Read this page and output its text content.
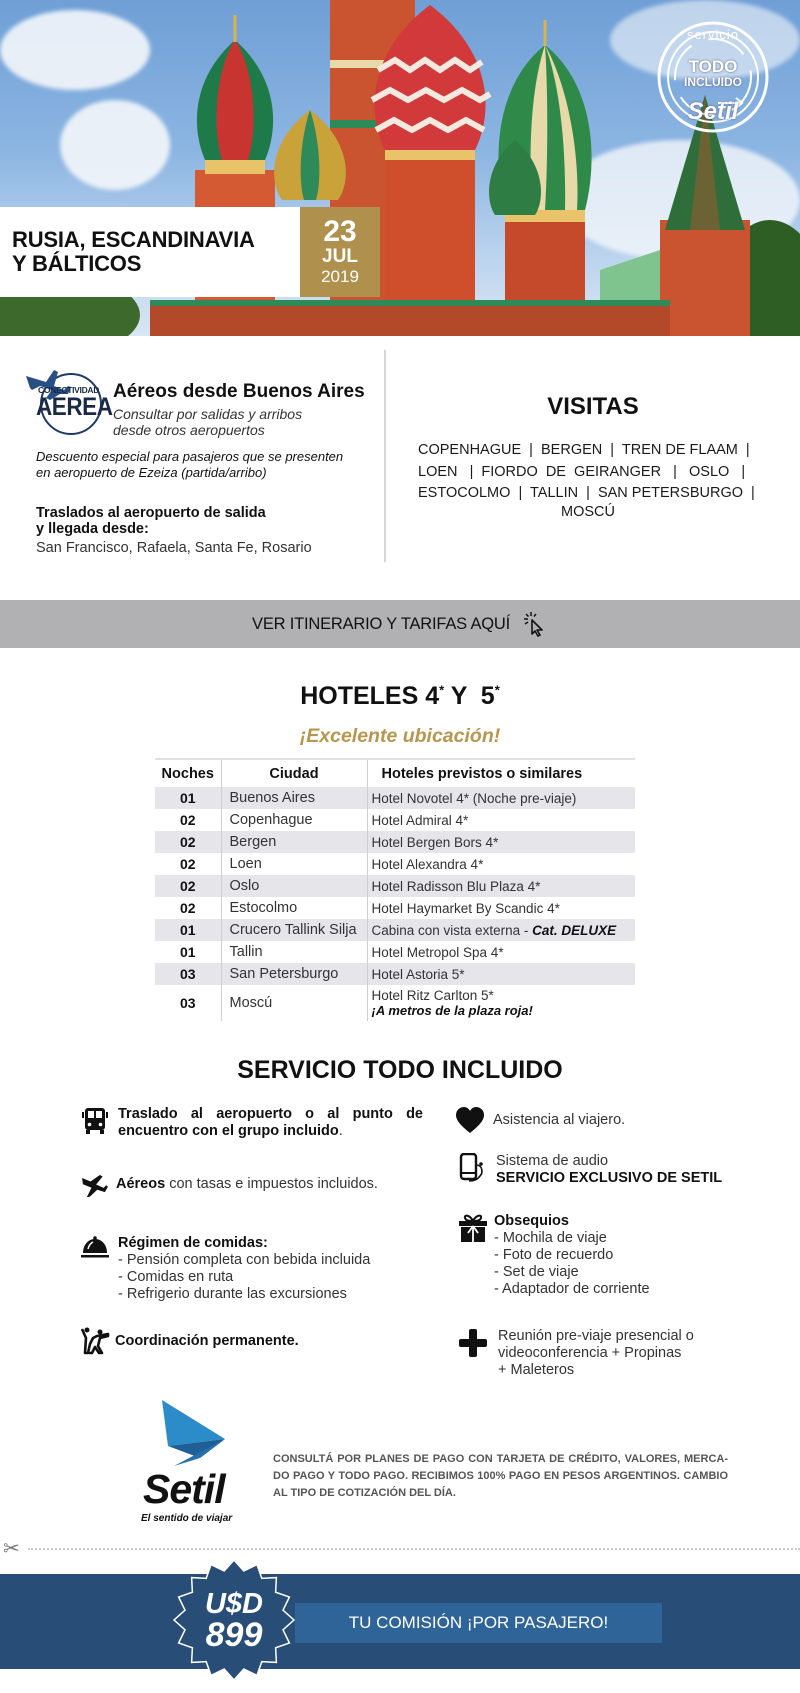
RUSIA, ESCANDINAVIA
Y BÁLTICOS
23
JUL
2019
servicio
TODO
INCLUIDO
Setil
CONECTIVIDAD
AEREA
Aéreos desde Buenos Aires
Consultar por salidas y arribos
desde otros aeropuertos
Descuento especial para pasajeros que se presenten
en aeropuerto de Ezeiza (partida/arribo)
Traslados al aeropuerto de salida
y llegada desde:
San Francisco, Rafaela, Santa Fe, Rosario
VISITAS
COPENHAGUE  |  BERGEN  |  TREN DE FLAAM  |
LOEN   |  FIORDO  DE  GEIRANGER   |   OSLO   |
ESTOCOLMO  |  TALLIN  |  SAN PETERSBURGO  |
MOSCÚ
VER ITINERARIO Y TARIFAS AQUÍ
HOTELES 4* Y  5*
¡Excelente ubicación!
Noches	Ciudad	Hoteles previstos o similares
01	Buenos Aires	Hotel Novotel 4* (Noche pre-viaje)
02	Copenhague	Hotel Admiral 4*
02	Bergen	Hotel Bergen Bors 4*
02	Loen	Hotel Alexandra 4*
02	Oslo	Hotel Radisson Blu Plaza 4*
02	Estocolmo	Hotel Haymarket By Scandic 4*
01	Crucero Tallink Silja	Cabina con vista externa - Cat. DELUXE
01	Tallin	Hotel Metropol Spa 4*
03	San Petersburgo	Hotel Astoria 5*
03	Moscú	Hotel Ritz Carlton 5*
¡A metros de la plaza roja!
SERVICIO TODO INCLUIDO
Traslado al aeropuerto o al punto de
encuentro con el grupo incluido.
Aéreos con tasas e impuestos incluidos.
Régimen de comidas:
- Pensión completa con bebida incluida
- Comidas en ruta
- Refrigerio durante las excursiones
Coordinación permanente.
Asistencia al viajero.
Sistema de audio
SERVICIO EXCLUSIVO DE SETIL
Obsequios
- Mochila de viaje
- Foto de recuerdo
- Set de viaje
- Adaptador de corriente
Reunión pre-viaje presencial o
videoconferencia + Propinas
+ Maleteros
Setil
El sentido de viajar
CONSULTÁ POR PLANES DE PAGO CON TARJETA DE CRÉDITO, VALORES, MERCA-DO PAGO Y TODO PAGO. RECIBIMOS 100% PAGO EN PESOS ARGENTINOS. CAMBIO AL TIPO DE COTIZACIÓN DEL DÍA.
✂
U$D
899	TU COMISIÓN ¡POR PASAJERO!
